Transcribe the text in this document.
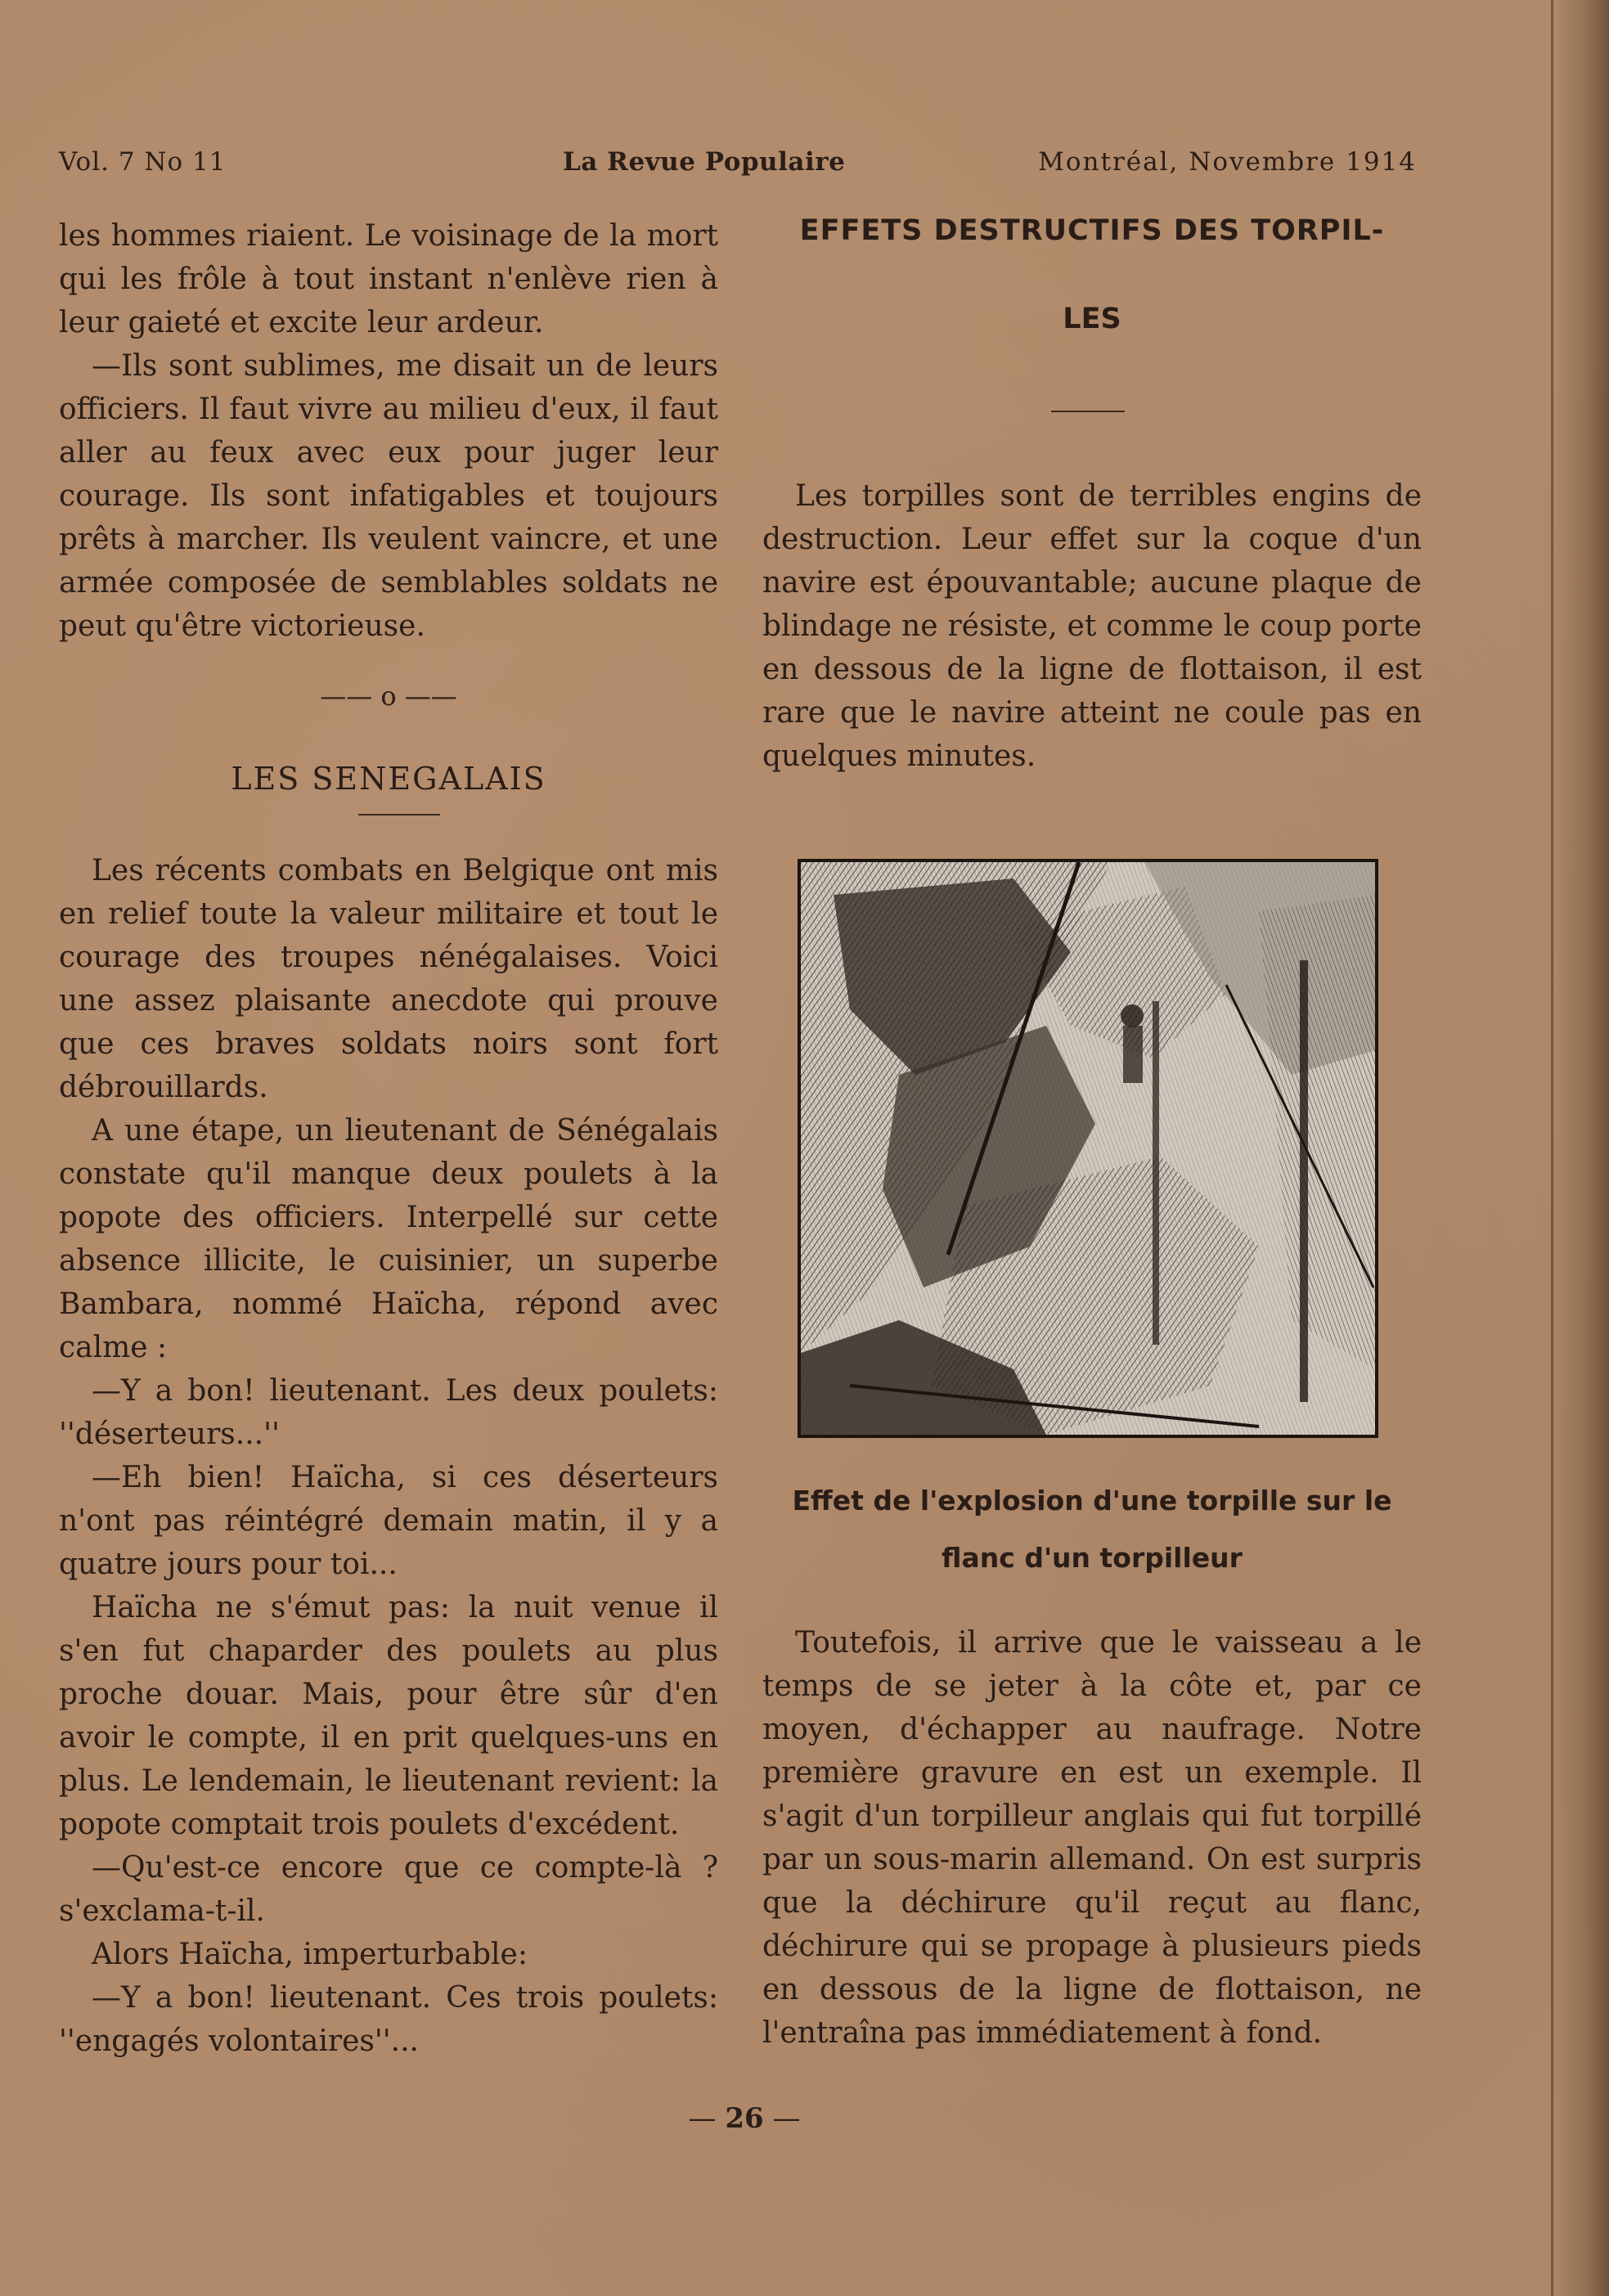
Vol. 7 No 11	La Revue Populaire	Montréal, Novembre 1914

les hommes riaient. Le voisinage de la mort qui les frôle à tout instant n'enlève rien à leur gaieté et excite leur ardeur.

—Ils sont sublimes, me disait un de leurs officiers. Il faut vivre au milieu d'eux, il faut aller au feux avec eux pour juger leur courage. Ils sont infatigables et toujours prêts à marcher. Ils veulent vaincre, et une armée composée de semblables soldats ne peut qu'être victorieuse.

—— o ——
LES SENEGALAIS

Les récents combats en Belgique ont mis en relief toute la valeur militaire et tout le courage des troupes nénégalaises. Voici une assez plaisante anecdote qui prouve que ces braves soldats noirs sont fort débrouillards.

A une étape, un lieutenant de Sénégalais constate qu'il manque deux poulets à la popote des officiers. Interpellé sur cette absence illicite, le cuisinier, un superbe Bambara, nommé Haïcha, répond avec calme :

—Y a bon! lieutenant. Les deux poulets: ''déserteurs...''

—Eh bien! Haïcha, si ces déserteurs n'ont pas réintégré demain matin, il y a quatre jours pour toi...

Haïcha ne s'émut pas: la nuit venue il s'en fut chaparder des poulets au plus proche douar. Mais, pour être sûr d'en avoir le compte, il en prit quelques-uns en plus. Le lendemain, le lieutenant revient: la popote comptait trois poulets d'excédent.

—Qu'est-ce encore que ce compte-là ? s'exclama-t-il.

Alors Haïcha, imperturbable:

—Y a bon! lieutenant. Ces trois poulets: ''engagés volontaires''...

EFFETS DESTRUCTIFS DES TORPIL-
LES

Les torpilles sont de terribles engins de destruction. Leur effet sur la coque d'un navire est épouvantable; aucune plaque de blindage ne résiste, et comme le coup porte en dessous de la ligne de flottaison, il est rare que le navire atteint ne coule pas en quelques minutes.

Effet de l'explosion d'une torpille sur le
flanc d'un torpilleur

Toutefois, il arrive que le vaisseau a le temps de se jeter à la côte et, par ce moyen, d'échapper au naufrage. Notre première gravure en est un exemple. Il s'agit d'un torpilleur anglais qui fut torpillé par un sous-marin allemand. On est surpris que la déchirure qu'il reçut au flanc, déchirure qui se propage à plusieurs pieds en dessous de la ligne de flottaison, ne l'entraîna pas immédiatement à fond.

— 26 —
